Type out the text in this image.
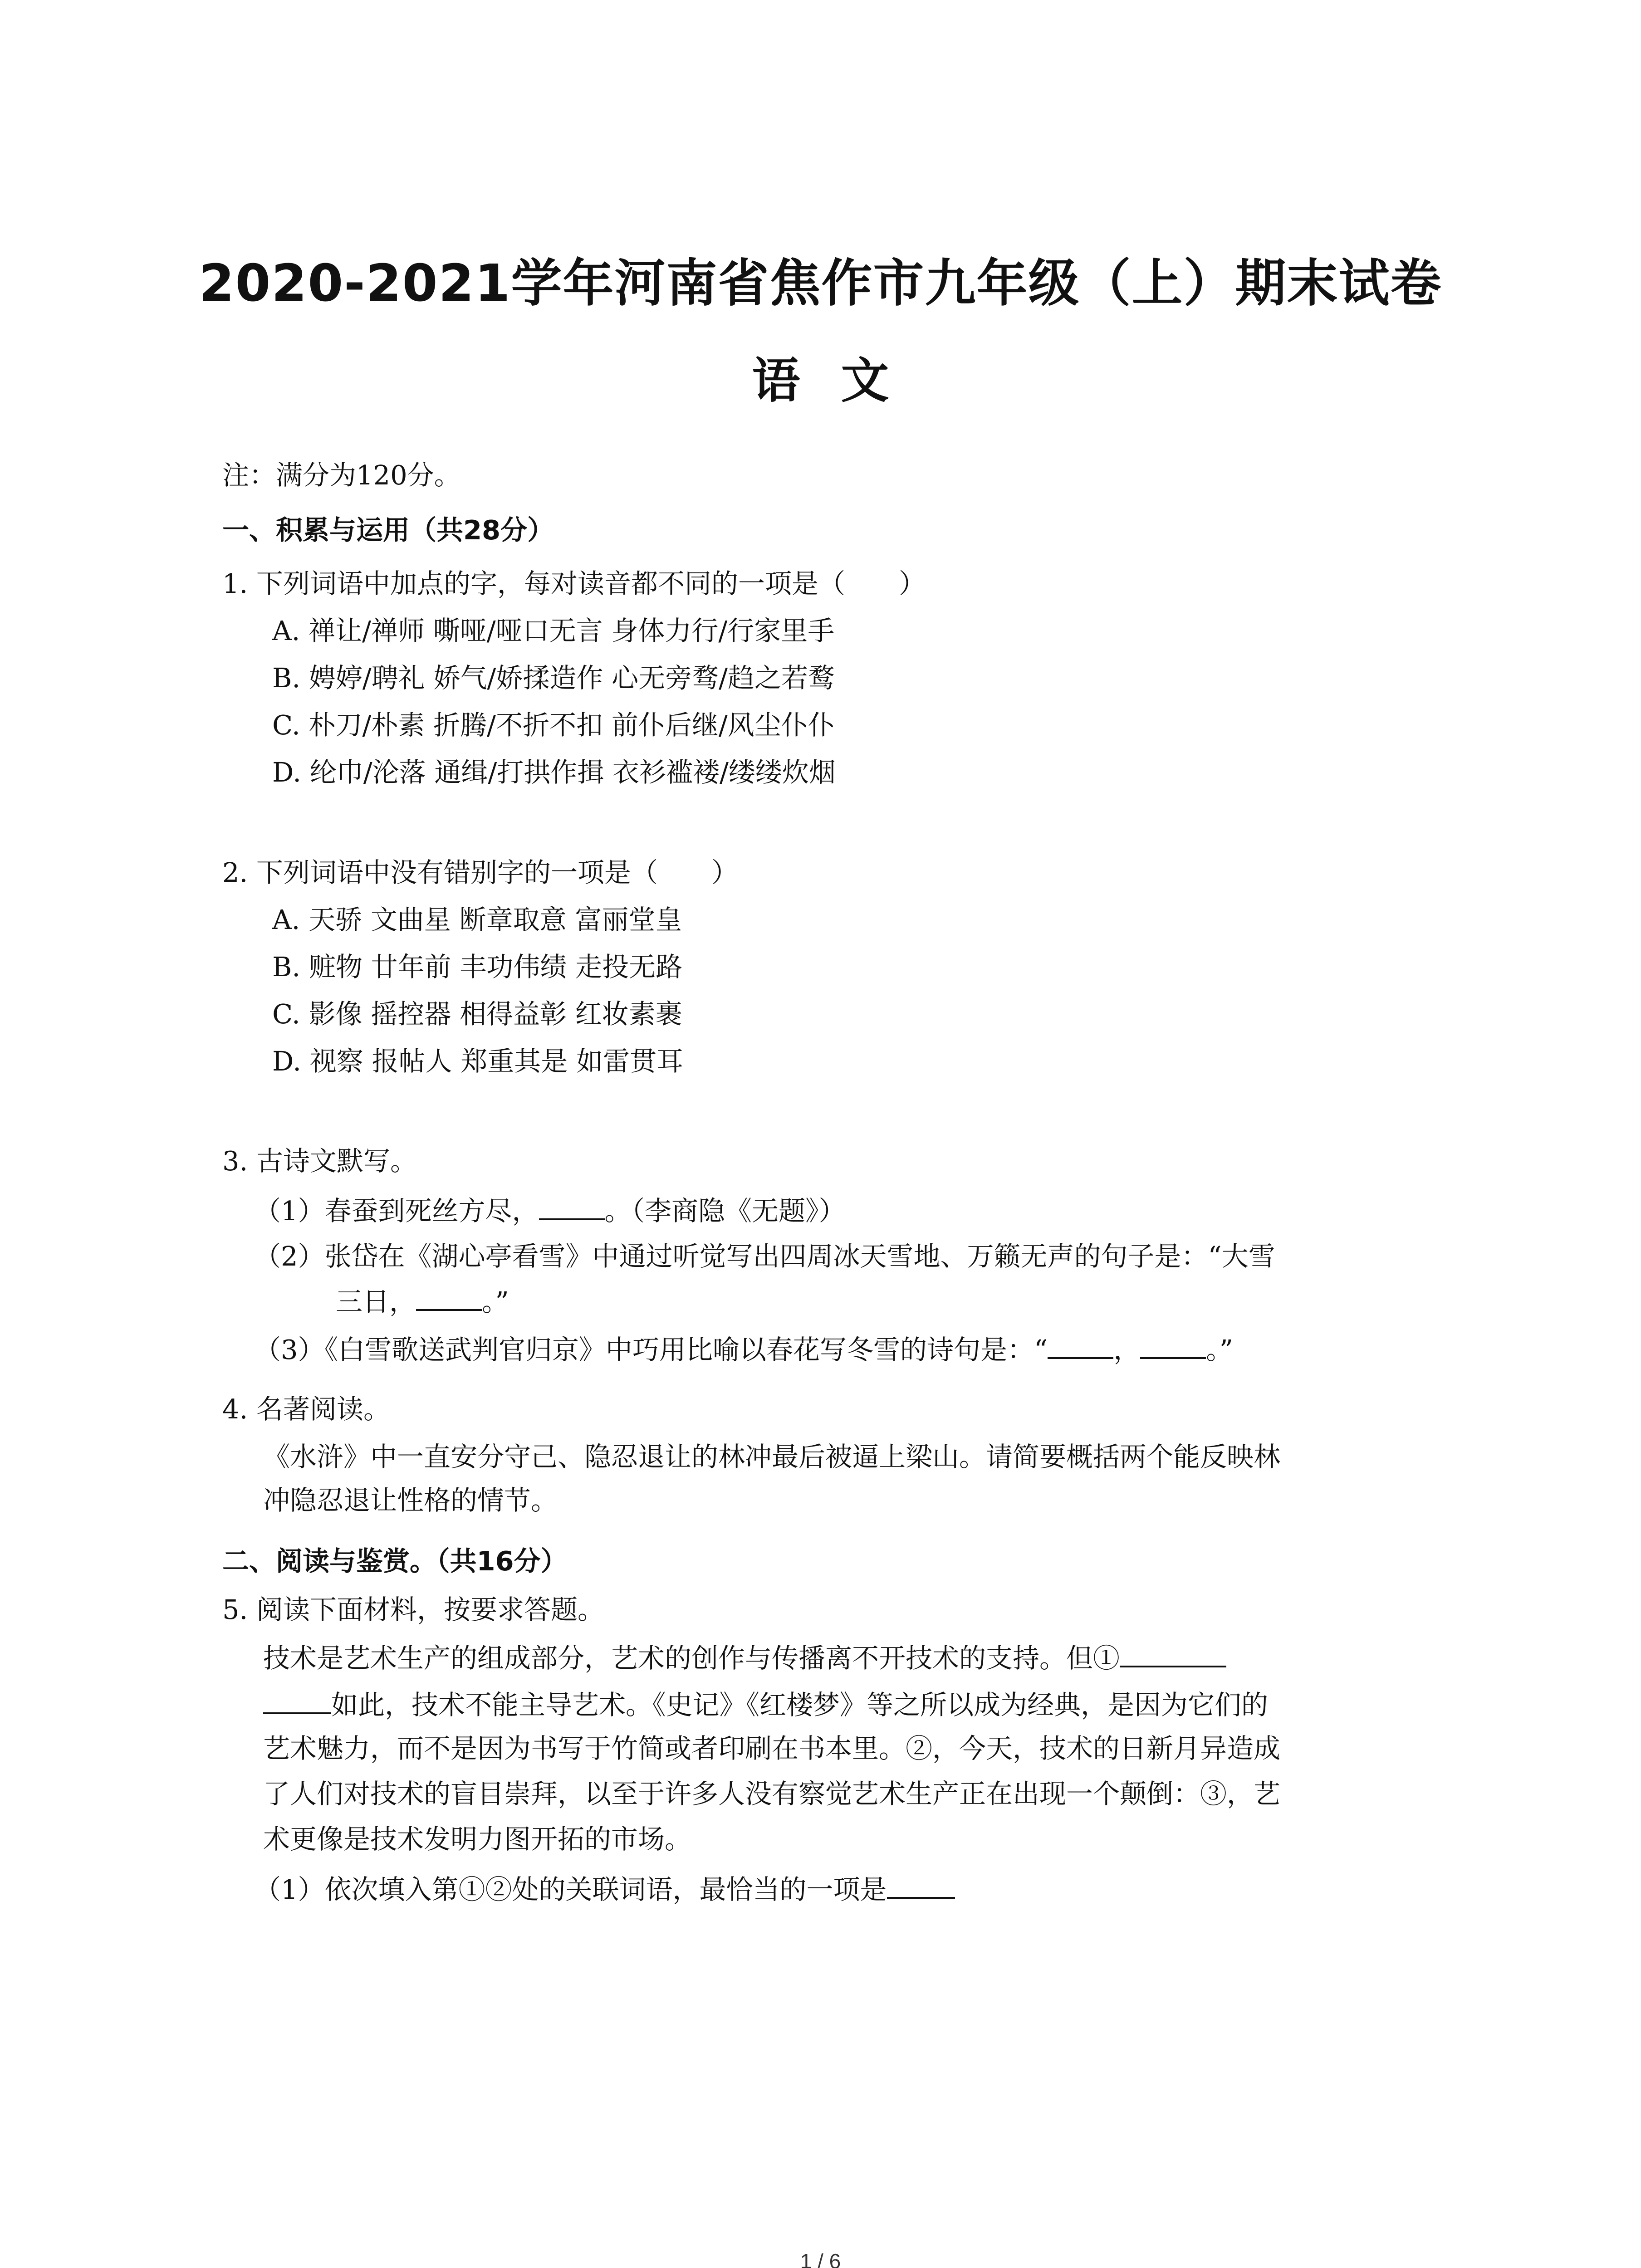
2020-2021学年河南省焦作市九年级（上）期末试卷
语文
注：满分为120分。
一、积累与运用（共28分）
1. 下列词语中加点的字，每对读音都不同的一项是（　　）
A. 禅让/禅师 嘶哑/哑口无言 身体力行/行家里手
B. 娉婷/聘礼 娇气/娇揉造作 心无旁骛/趋之若鹜
C. 朴刀/朴素 折腾/不折不扣 前仆后继/风尘仆仆
D. 纶巾/沦落 通缉/打拱作揖 衣衫褴褛/缕缕炊烟
2. 下列词语中没有错别字的一项是（　　）
A. 天骄 文曲星 断章取意 富丽堂皇
B. 赃物 廿年前 丰功伟绩 走投无路
C. 影像 摇控器 相得益彰 红妆素裹
D. 视察 报帖人 郑重其是 如雷贯耳
3. 古诗文默写。
（1）春蚕到死丝方尽， 。（李商隐《无题》）
（2）张岱在《湖心亭看雪》中通过听觉写出四周冰天雪地、万籁无声的句子是：“大雪
三日， 。”
（3）《白雪歌送武判官归京》中巧用比喻以春花写冬雪的诗句是：“ ， 。”
4. 名著阅读。
《水浒》中一直安分守己、隐忍退让的林冲最后被逼上梁山。请简要概括两个能反映林
冲隐忍退让性格的情节。
二、阅读与鉴赏。（共16分）
5. 阅读下面材料，按要求答题。
技术是艺术生产的组成部分，艺术的创作与传播离不开技术的支持。但①
如此，技术不能主导艺术。《史记》《红楼梦》等之所以成为经典，是因为它们的
艺术魅力，而不是因为书写于竹简或者印刷在书本里。②，今天，技术的日新月异造成
了人们对技术的盲目崇拜，以至于许多人没有察觉艺术生产正在出现一个颠倒：③，艺
术更像是技术发明力图开拓的市场。
（1）依次填入第①②处的关联词语，最恰当的一项是
1 / 6
